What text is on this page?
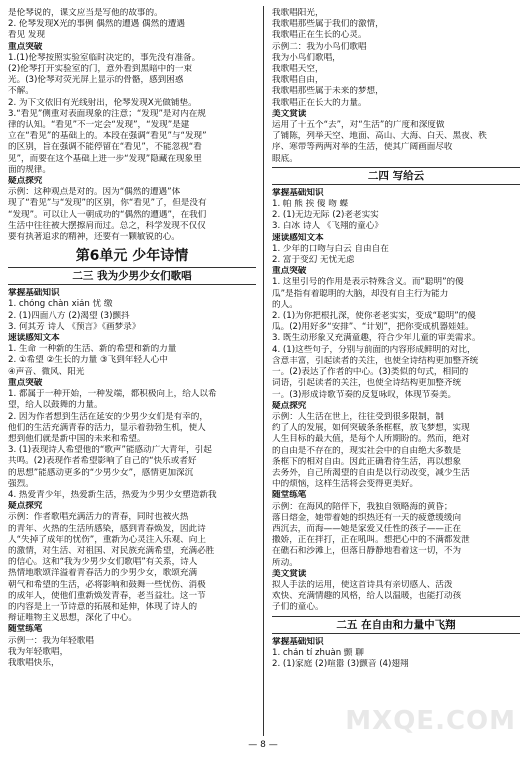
是伦琴说的，课文应当是写他的故事的。
2. 伦琴发现X光的事例 偶然的遭遇 偶然的遭遇
看见 发现
重点突破
1.(1)伦琴按照实验室临时决定的，事先没有准备。
(2)伦琴打开实验室的门，意外看到黑暗中的一束
光。(3)伦琴对荧光屏上显示的骨骼，感到困惑
不解。
2. 为下文依旧有光线射出，伦琴发现X光做铺垫。
3.“看见”侧重对表面现象的注意；“发现”是对内在规
律的认知。“看见”不一定会“发现”，“发现”是建
立在“看见”的基础上的。本段在强调“看见”与“发现”
的区别，旨在强调不能停留在“看见”，不能忽视“看
见”，而要在这个基础上进一步“发现”隐藏在现象里
面的规律。
疑点探究
示例：这种观点是对的。因为“偶然的遭遇”体
现了“看见”与“发现”的区别，你“看见”了，但是没有
“发现”。可以让人一朝成功的“偶然的遭遇”，在我们
生活中往往被大摆擦肩而过。总之，科学发现不仅仅
要有执著追求的精神，还要有一颗敏锐的心。
第6单元 少年诗情
二三 我为少男少女们歌唱
掌握基础知识
1. chóng chàn xián 忧 缴
2. (1)四面八方 (2)渴望 (3)颤抖
3. 何其芳 诗人 《预言》《画梦录》
速读感知文本
1. 生命 一种新的生活、新的希望和新的力量
2. ①希望 ②生长的力量 ③飞到年轻人心中
④声音、微风、阳光
重点突破
1. 都属于一种开始，一种发端，都积极向上，给人以希
望，给人以鼓舞的力量。
2. 因为作者想到生活在延安的少男少女们是有幸的，
他们的生活充满青春的活力，显示着勃勃生机，使人
想到他们就是新中国的未来和希望。
3. (1)表现诗人希望他的“歌声”能感动广大青年，引起
共鸣。(2)表现作者希望影响了自己的“快乐或者好
的思想”能感动更多的“少男少女”，感情更加深沉
强烈。
4. 热爱青少年，热爱新生活，热爱为少男少女塑造新我
疑点探究
示例：作者歌唱充满活力的青春，同时也被火热
的青年、火热的生活所感染，感到青春焕发，因此诗
人“失掉了成年的忧伤”，重新为心灵注入乐观、向上
的激情，对生活、对祖国、对民族充满希望，充满必胜
的信心。这和“我为少男少女们歌唱”有关系，诗人
热情地歌颂洋溢着青春活力的少男少女，歌颂充满
朝气和希望的生活，必将影响和鼓舞一些忧伤、消极
的成年人，使他们重新焕发青春，老当益壮。这一节
的内容是上一节诗意的拓展和延伸，体现了诗人的
辩证唯物主义思想，深化了中心。
随堂练笔
示例一：我为年轻歌唱
我为年轻歌唱，
我歌唱快乐，
我歌唱阳光，
我歌唱那些属于我们的激情，
我歌唱正在生长的心灵。
示例二：我为小鸟们歌唱
我为小鸟们歌唱，
我歌唱天空，
我歌唱自由，
我歌唱那些属于未来的梦想，
我歌唱正在长大的力量。
美文赏读
运用了十五个“去”，对“生活”的广度和深度做
了铺陈，列举天空、地面、高山、大海、白天、黑夜、秩
序、寒带等两两对举的生活，使其广阔画面尽收
眼底。
二四 写给云
掌握基础知识
1. 帕 熊 挨 傻 吻 蝶
2. (1)无边无际 (2)老老实实
3. 白冰 诗人 《飞翔的童心》
速读感知文本
1. 少年的口吻与白云 自由自在
2. 富于变幻 无忧无虑
重点突破
1. 这里引号的作用是表示特殊含义。而“聪明”的傻
瓜”是指有着聪明的大脑，却没有自主行为能力
的人。
2. (1)为你把根扎深，使你老老实实，变成“聪明”的傻
瓜。(2)用好多“安排”、“计划”，把你变成机器娃娃。
3. 既生动形象又充满童趣，符合少年儿童的审美需求。
4. (1)这些句子，分别与前面的内容形成鲜明的对比，
含意丰富，引起读者的关注，也使全诗结构更加整齐统
一。(2)表达了作者的中心。(3)类似的句式，相同的
词语，引起读者的关注，也使全诗结构更加整齐统
一。(3)形成诗歌节奏的反复咏叹，体现节奏美。
疑点探究
示例：人生活在世上，往往受到很多限制，制
约了人的发展，如何突破条条框框，放飞梦想，实现
人生目标的最大值，是每个人所期盼的。然而，绝对
的自由是不存在的，现实社会中的自由绝大多数是
条框下的相对自由。因此正确看待生活，再以想象
去务外，自己所渴望的自由是以行动改变，减少生活
中的烦恼，这样生活将会变得更美好。
随堂练笔
示例：在海风的陪伴下，我独自领略海的黄昏；
落日熔金，她带着她的织热还有一天的疲惫缓缓向
西沉去，而海——她是家爱又任性的孩子——正在
撒娇，正在拌打，正在吼叫。想把心中的不满都发泄
在礁石和沙滩上，但落日静静地看着这一切，不为
所动。
美文赏读
拟人手法的运用，使这首诗具有亲切感人、活泼
欢快、充满情趣的风格，给人以温暖，也能打动孩
子们的童心。
二五 在自由和力量中飞翔
掌握基础知识
1. chán tí zhuàn 颤 聊
2. (1)家庭 (2)喧嚣 (3)颤音 (4)翅翔
MXQE.COM
— 8 —
